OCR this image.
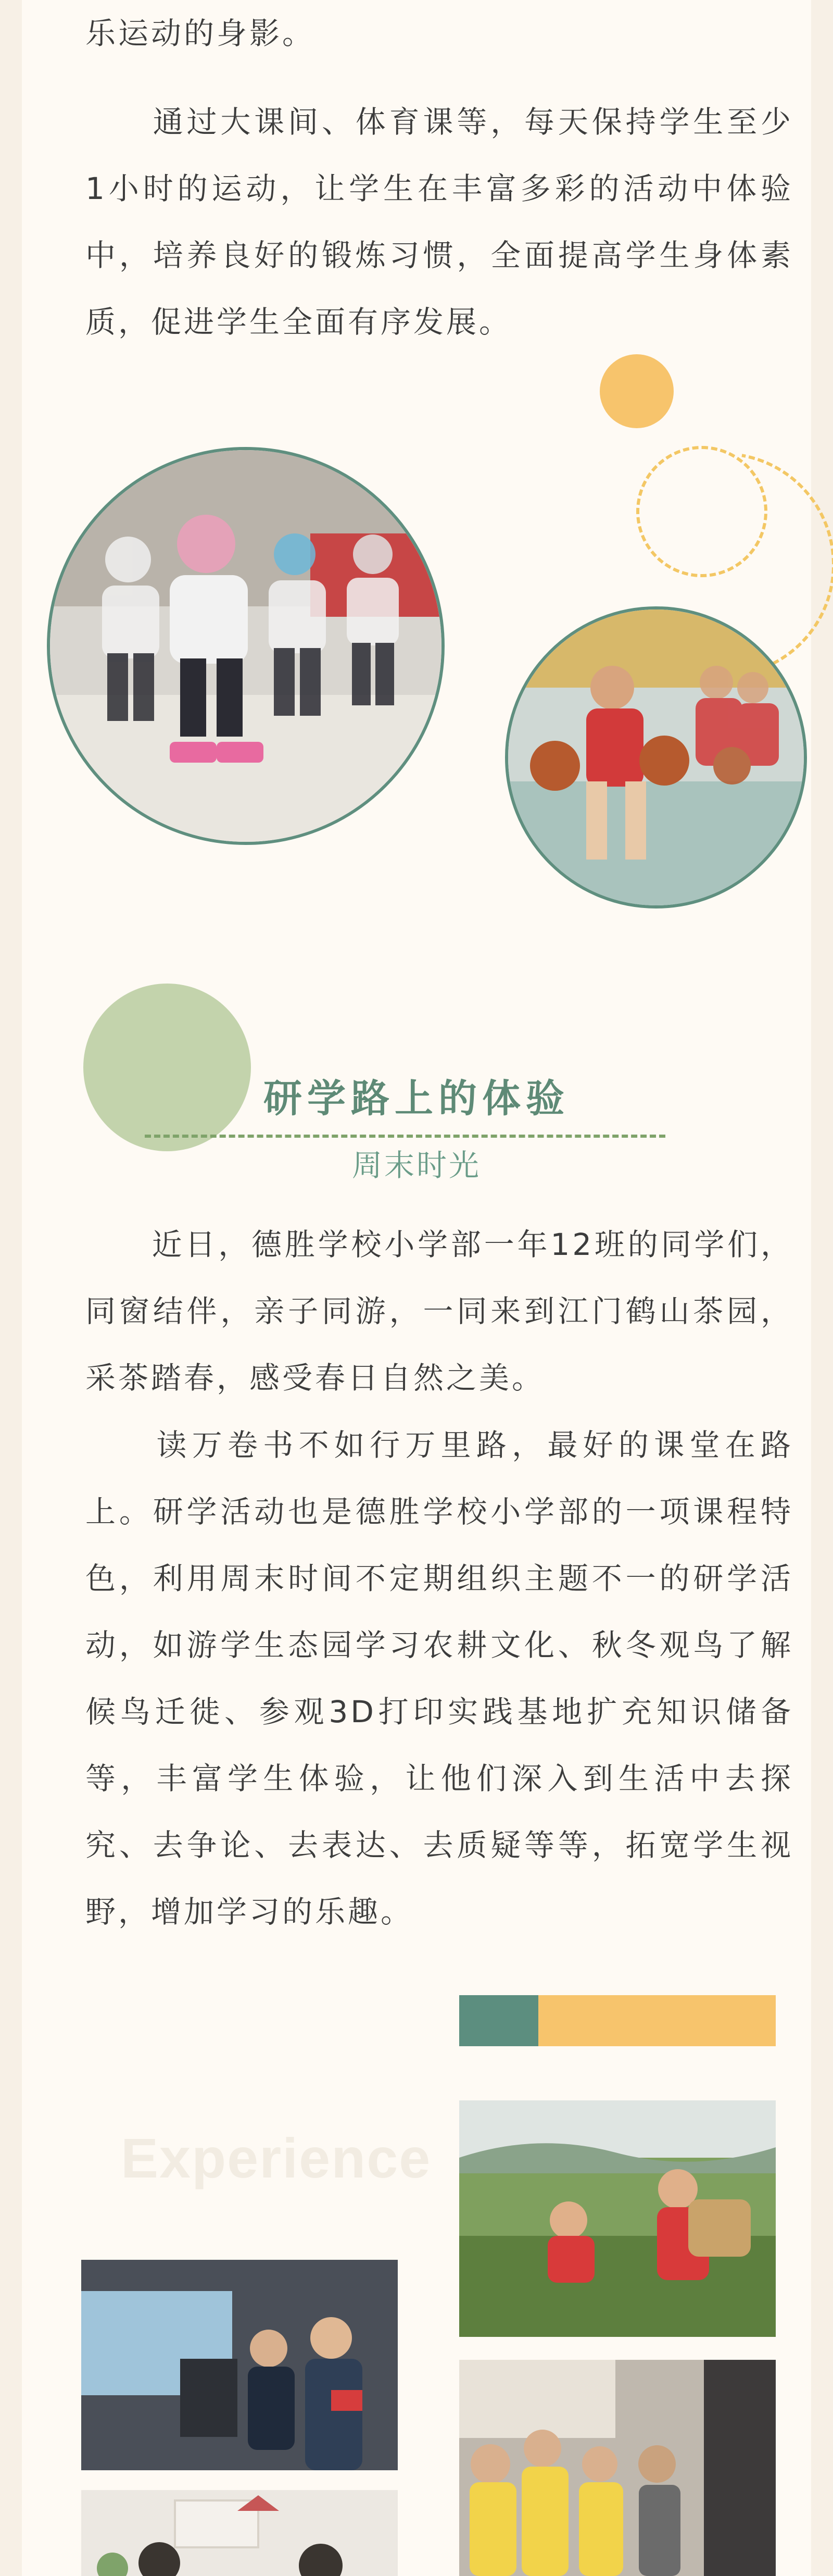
乐运动的身影。

　　通过大课间、体育课等，每天保持学生至少1小时的运动，让学生在丰富多彩的活动中体验中，培养良好的锻炼习惯，全面提高学生身体素质，促进学生全面有序发展。

研学路上的体验
周末时光

　　近日，德胜学校小学部一年12班的同学们，同窗结伴，亲子同游，一同来到江门鹤山茶园，采茶踏春，感受春日自然之美。

　　读万卷书不如行万里路，最好的课堂在路上。研学活动也是德胜学校小学部的一项课程特色，利用周末时间不定期组织主题不一的研学活动，如游学生态园学习农耕文化、秋冬观鸟了解候鸟迁徙、参观3D打印实践基地扩充知识储备等，丰富学生体验，让他们深入到生活中去探究、去争论、去表达、去质疑等等，拓宽学生视野，增加学习的乐趣。

Experience
